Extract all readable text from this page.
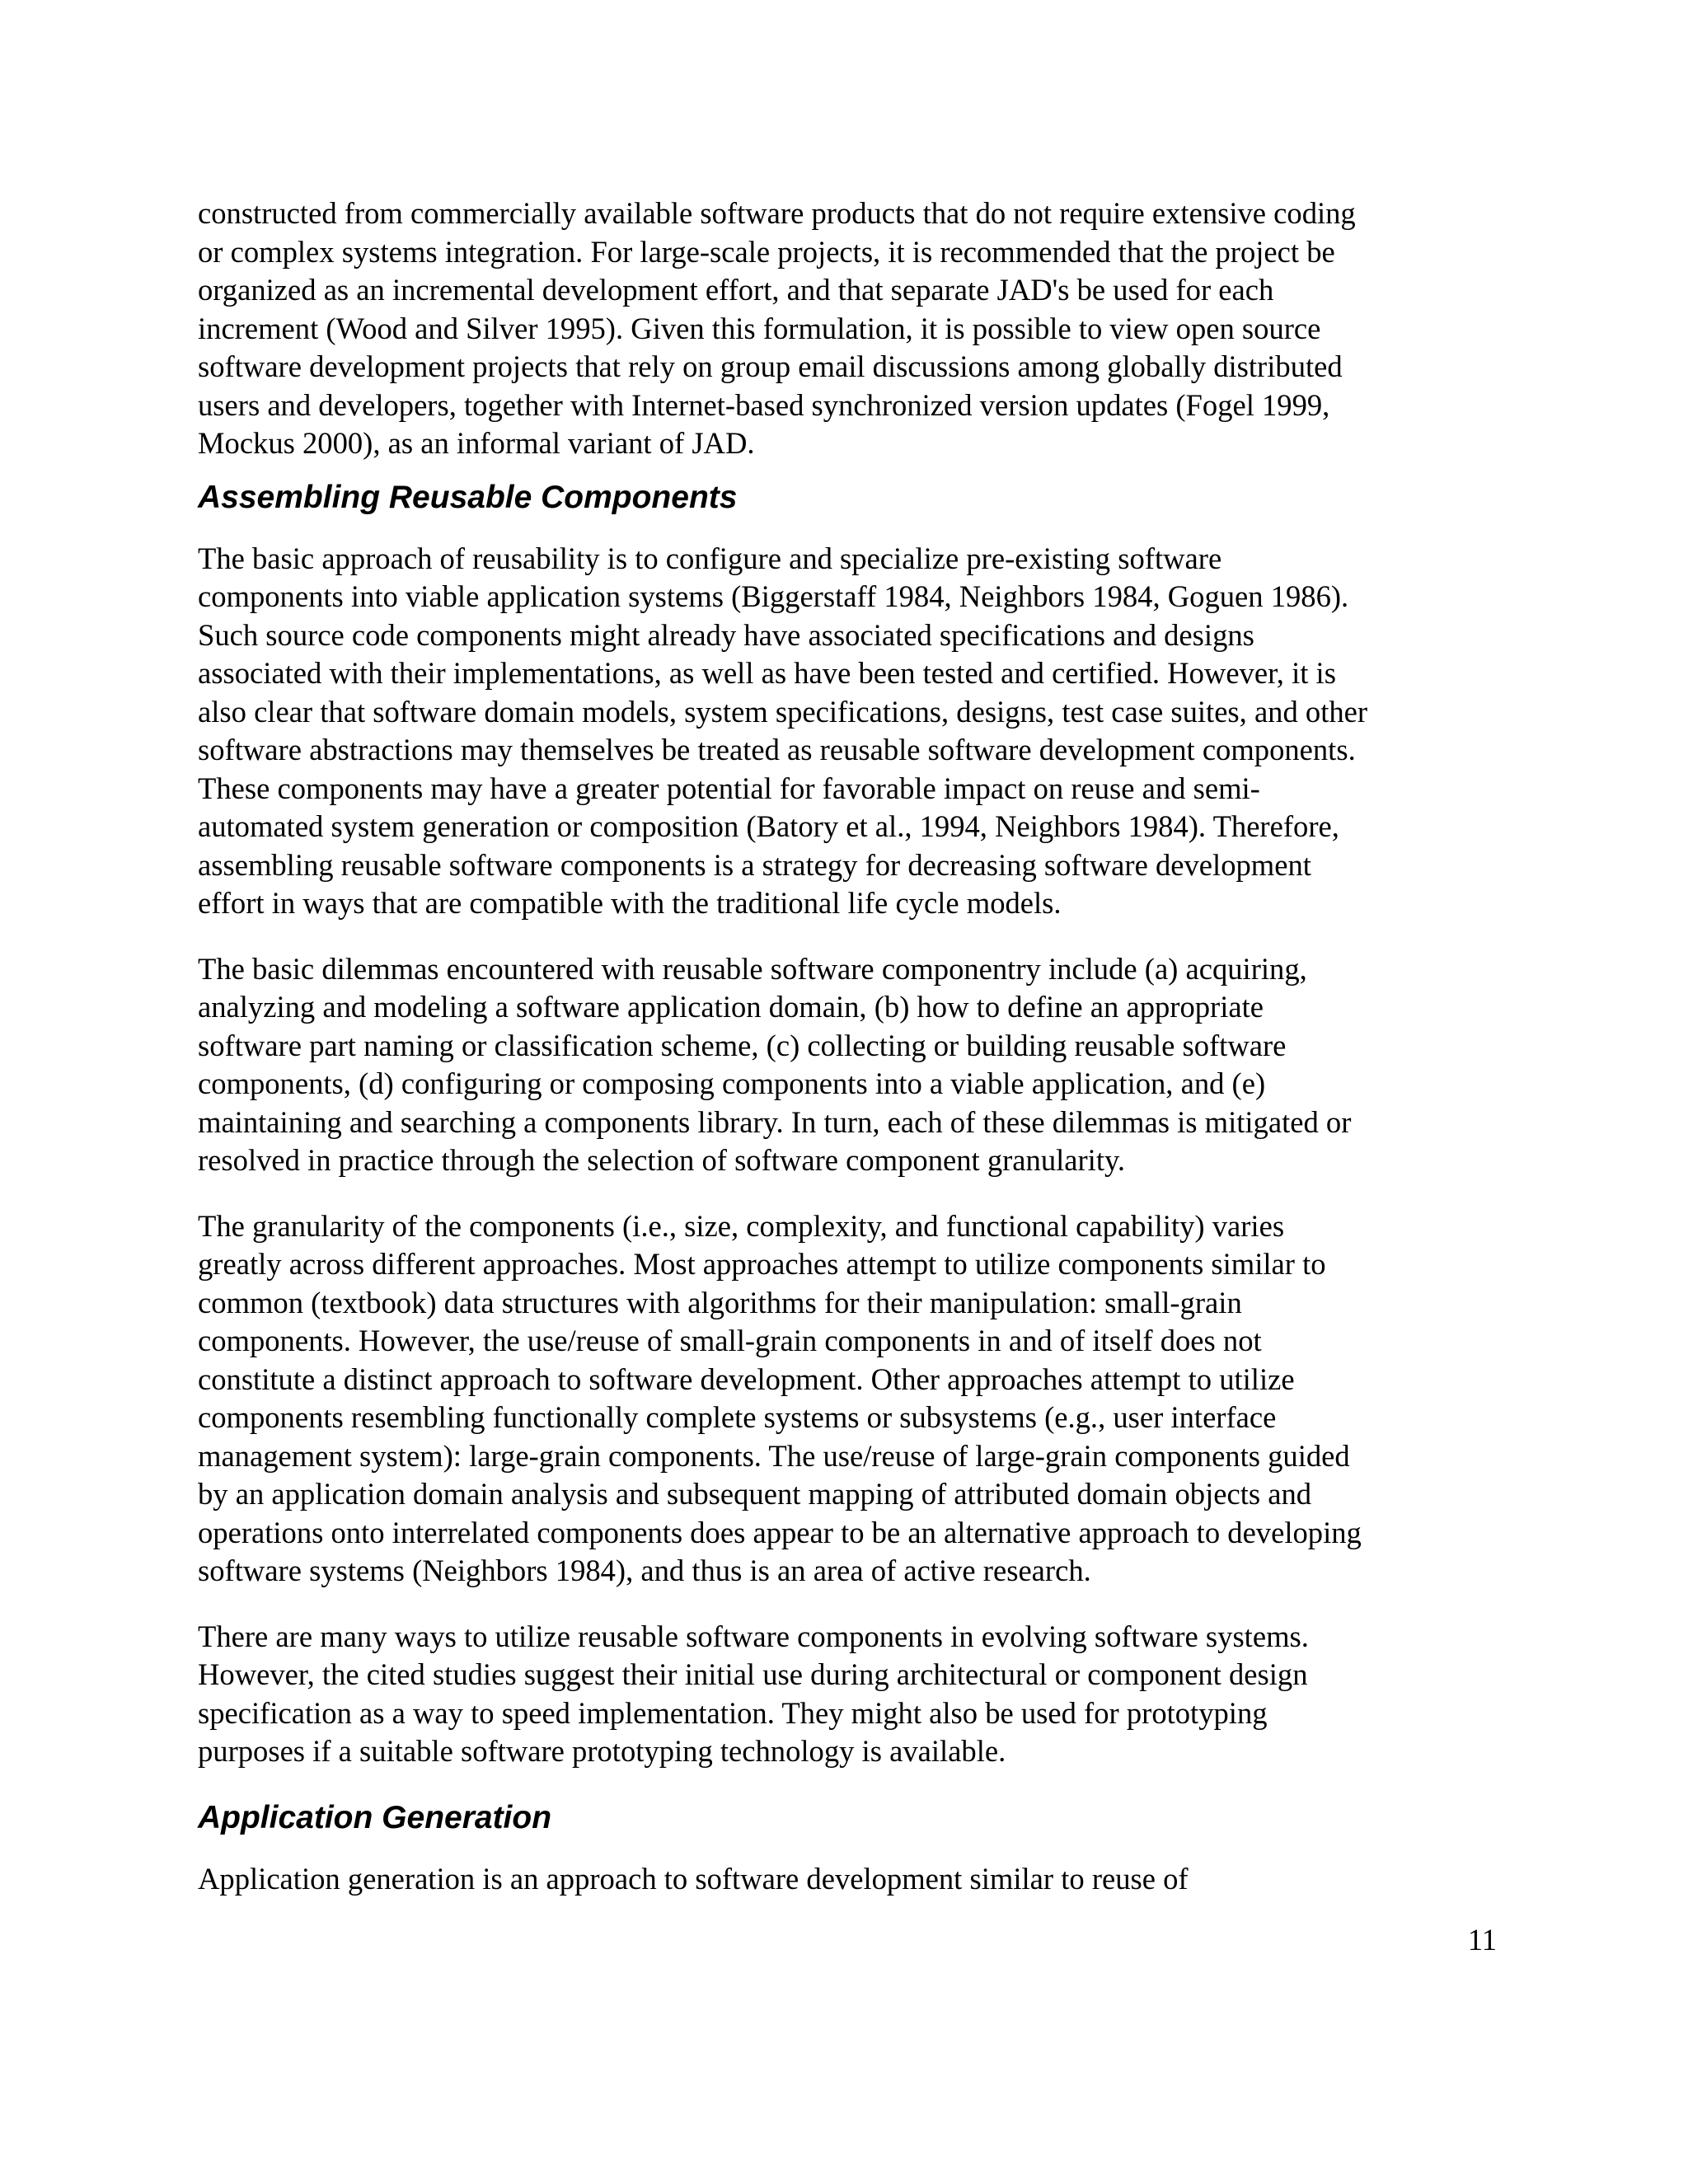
constructed from commercially available software products that do not require extensive coding
or complex systems integration. For large-scale projects, it is recommended that the project be
organized as an incremental development effort, and that separate JAD's be used for each
increment (Wood and Silver 1995). Given this formulation, it is possible to view open source
software development projects that rely on group email discussions among globally distributed
users and developers, together with Internet-based synchronized version updates (Fogel 1999,
Mockus 2000), as an informal variant of JAD.

Assembling Reusable Components

The basic approach of reusability is to configure and specialize pre-existing software
components into viable application systems (Biggerstaff 1984, Neighbors 1984, Goguen 1986).
Such source code components might already have associated specifications and designs
associated with their implementations, as well as have been tested and certified. However, it is
also clear that software domain models, system specifications, designs, test case suites, and other
software abstractions may themselves be treated as reusable software development components.
These components may have a greater potential for favorable impact on reuse and semi-
automated system generation or composition (Batory et al., 1994, Neighbors 1984). Therefore,
assembling reusable software components is a strategy for decreasing software development
effort in ways that are compatible with the traditional life cycle models.

The basic dilemmas encountered with reusable software componentry include (a) acquiring,
analyzing and modeling a software application domain, (b) how to define an appropriate
software part naming or classification scheme, (c) collecting or building reusable software
components, (d) configuring or composing components into a viable application, and (e)
maintaining and searching a components library. In turn, each of these dilemmas is mitigated or
resolved in practice through the selection of software component granularity.

The granularity of the components (i.e., size, complexity, and functional capability) varies
greatly across different approaches. Most approaches attempt to utilize components similar to
common (textbook) data structures with algorithms for their manipulation: small-grain
components. However, the use/reuse of small-grain components in and of itself does not
constitute a distinct approach to software development. Other approaches attempt to utilize
components resembling functionally complete systems or subsystems (e.g., user interface
management system): large-grain components. The use/reuse of large-grain components guided
by an application domain analysis and subsequent mapping of attributed domain objects and
operations onto interrelated components does appear to be an alternative approach to developing
software systems (Neighbors 1984), and thus is an area of active research.

There are many ways to utilize reusable software components in evolving software systems.
However, the cited studies suggest their initial use during architectural or component design
specification as a way to speed implementation. They might also be used for prototyping
purposes if a suitable software prototyping technology is available.

Application Generation

Application generation is an approach to software development similar to reuse of

11
